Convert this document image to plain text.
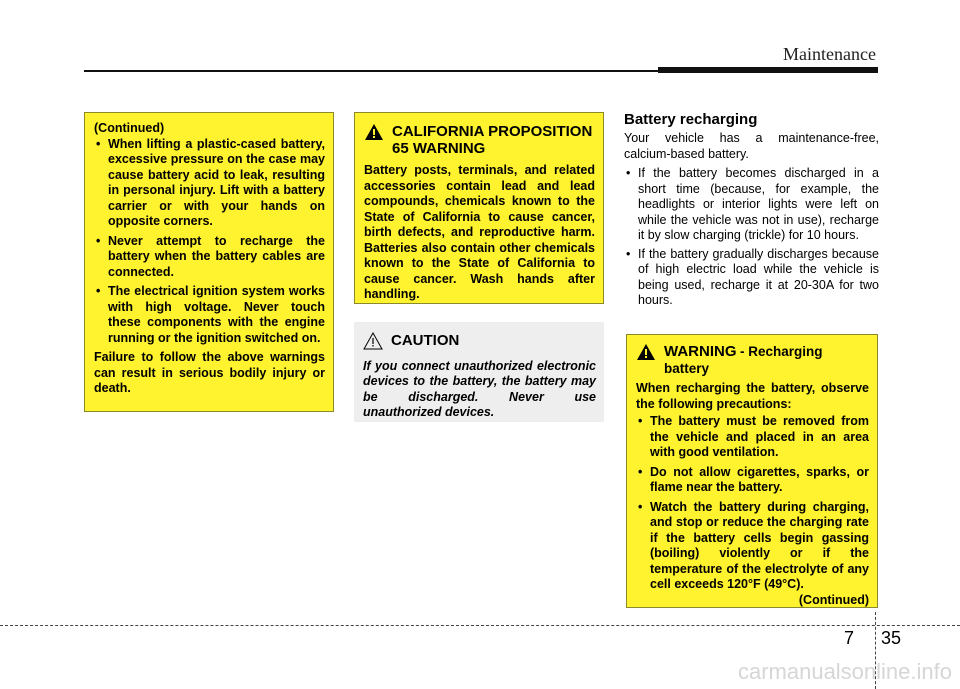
Maintenance

(Continued)

• When lifting a plastic-cased battery, excessive pressure on the case may cause battery acid to leak, resulting in personal injury. Lift with a battery carrier or with your hands on opposite corners.
• Never attempt to recharge the battery when the battery cables are connected.
• The electrical ignition system works with high voltage. Never touch these components with the engine running or the ignition switched on.

Failure to follow the above warnings can result in serious bodily injury or death.

CALIFORNIA PROPOSITION 65 WARNING

Battery posts, terminals, and related accessories contain lead and lead compounds, chemicals known to the State of California to cause cancer, birth defects, and reproductive harm. Batteries also contain other chemicals known to the State of California to cause cancer. Wash hands after handling.

CAUTION

If you connect unauthorized electronic devices to the battery, the battery may be discharged. Never use unauthorized devices.

Battery recharging

Your vehicle has a maintenance-free, calcium-based battery.

• If the battery becomes discharged in a short time (because, for example, the headlights or interior lights were left on while the vehicle was not in use), recharge it by slow charging (trickle) for 10 hours.
• If the battery gradually discharges because of high electric load while the vehicle is being used, recharge it at 20-30A for two hours.
WARNING - Recharging battery

When recharging the battery, observe the following precautions:

• The battery must be removed from the vehicle and placed in an area with good ventilation.
• Do not allow cigarettes, sparks, or flame near the battery.
• Watch the battery during charging, and stop or reduce the charging rate if the battery cells begin gassing (boiling) violently or if the temperature of the electrolyte of any cell exceeds 120°F (49°C).

(Continued)

7 35
carmanualsonline.info
